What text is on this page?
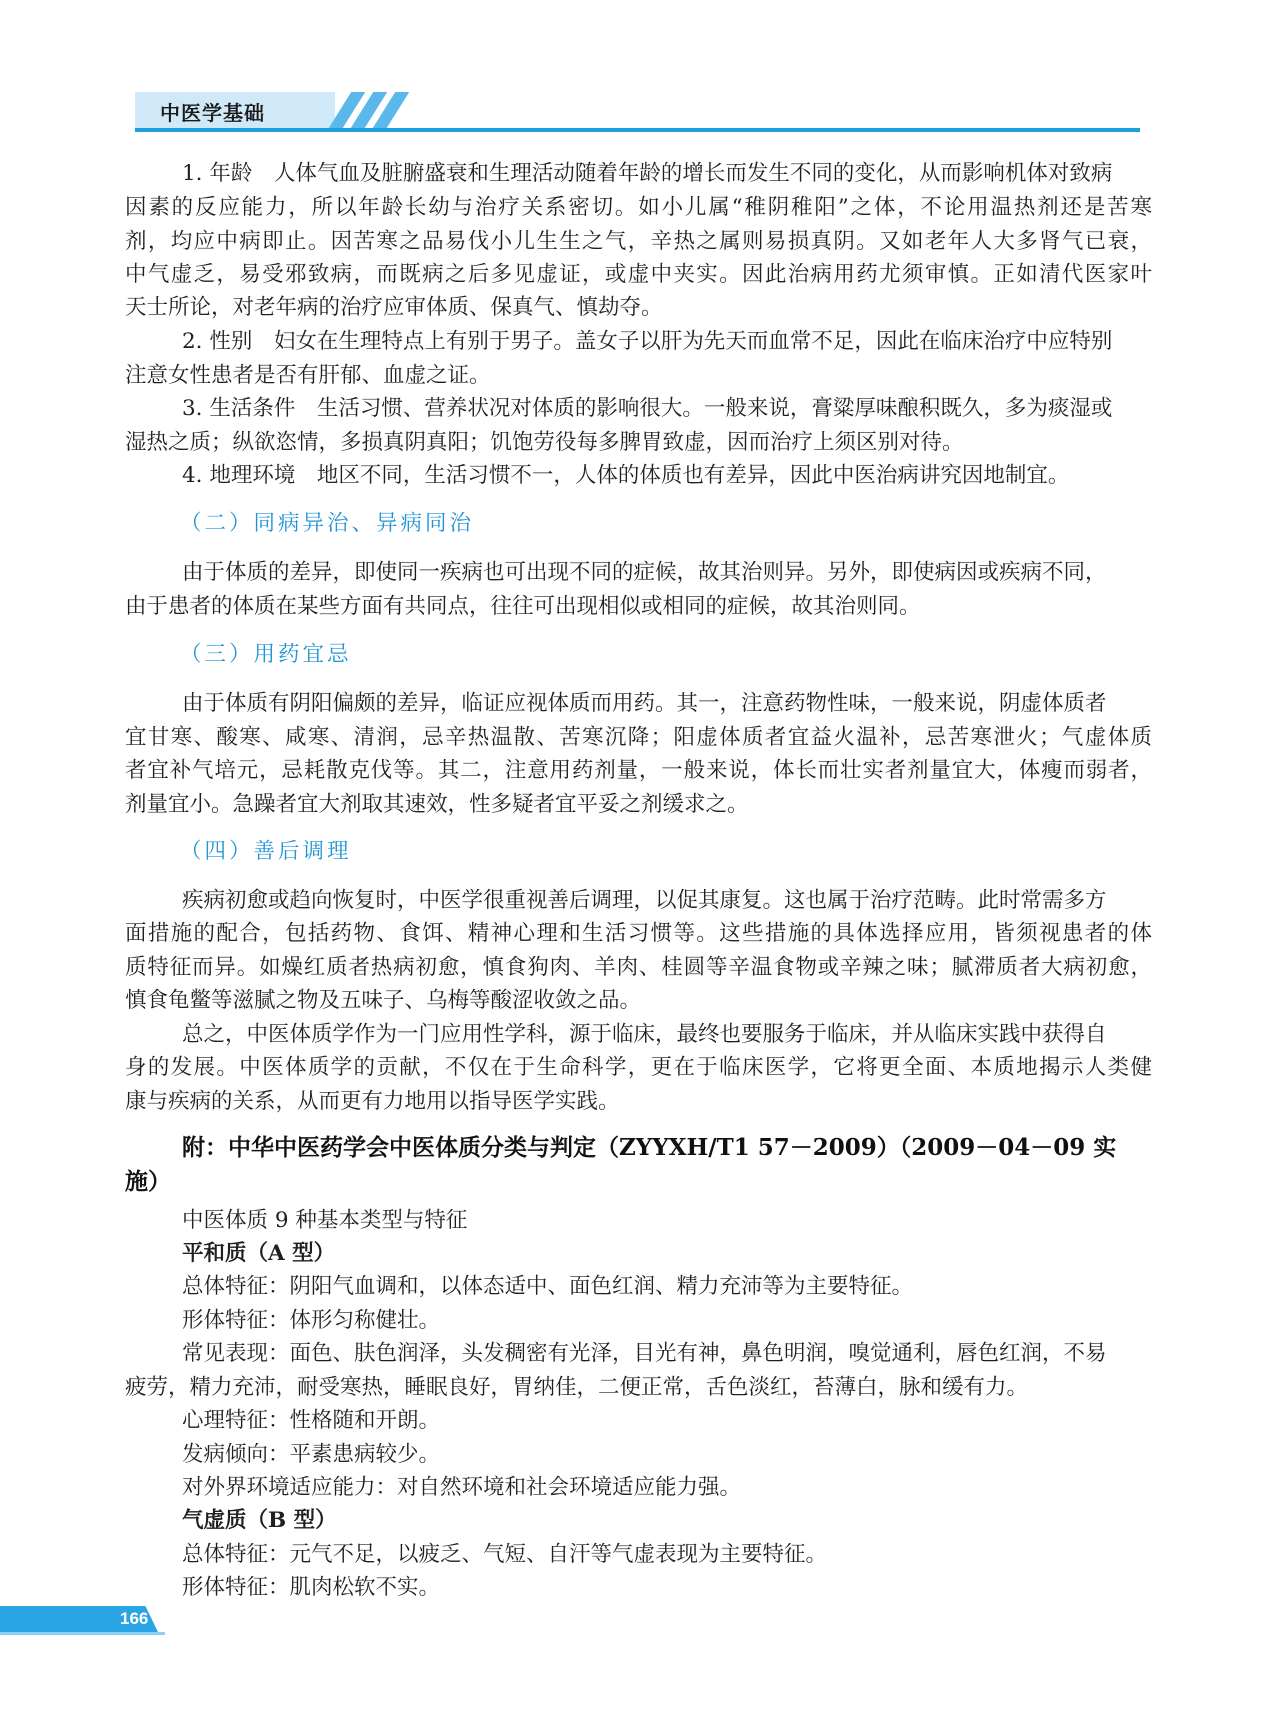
中医学基础
1. 年龄　人体气血及脏腑盛衰和生理活动随着年龄的增长而发生不同的变化，从而影响机体对致病
因素的反应能力，所以年龄长幼与治疗关系密切。如小儿属“稚阴稚阳”之体，不论用温热剂还是苦寒
剂，均应中病即止。因苦寒之品易伐小儿生生之气，辛热之属则易损真阴。又如老年人大多肾气已衰，
中气虚乏，易受邪致病，而既病之后多见虚证，或虚中夹实。因此治病用药尤须审慎。正如清代医家叶
天士所论，对老年病的治疗应审体质、保真气、慎劫夺。
2. 性别　妇女在生理特点上有别于男子。盖女子以肝为先天而血常不足，因此在临床治疗中应特别
注意女性患者是否有肝郁、血虚之证。
3. 生活条件　生活习惯、营养状况对体质的影响很大。一般来说，膏粱厚味酿积既久，多为痰湿或
湿热之质；纵欲恣情，多损真阴真阳；饥饱劳役每多脾胃致虚，因而治疗上须区别对待。
4. 地理环境　地区不同，生活习惯不一，人体的体质也有差异，因此中医治病讲究因地制宜。
（二）同病异治、异病同治
由于体质的差异，即使同一疾病也可出现不同的症候，故其治则异。另外，即使病因或疾病不同，
由于患者的体质在某些方面有共同点，往往可出现相似或相同的症候，故其治则同。
（三）用药宜忌
由于体质有阴阳偏颇的差异，临证应视体质而用药。其一，注意药物性味，一般来说，阴虚体质者
宜甘寒、酸寒、咸寒、清润，忌辛热温散、苦寒沉降；阳虚体质者宜益火温补，忌苦寒泄火；气虚体质
者宜补气培元，忌耗散克伐等。其二，注意用药剂量，一般来说，体长而壮实者剂量宜大，体瘦而弱者，
剂量宜小。急躁者宜大剂取其速效，性多疑者宜平妥之剂缓求之。
（四）善后调理
疾病初愈或趋向恢复时，中医学很重视善后调理，以促其康复。这也属于治疗范畴。此时常需多方
面措施的配合，包括药物、食饵、精神心理和生活习惯等。这些措施的具体选择应用，皆须视患者的体
质特征而异。如燥红质者热病初愈，慎食狗肉、羊肉、桂圆等辛温食物或辛辣之味；腻滞质者大病初愈，
慎食龟鳖等滋腻之物及五味子、乌梅等酸涩收敛之品。
总之，中医体质学作为一门应用性学科，源于临床，最终也要服务于临床，并从临床实践中获得自
身的发展。中医体质学的贡献，不仅在于生命科学，更在于临床医学，它将更全面、本质地揭示人类健
康与疾病的关系，从而更有力地用以指导医学实践。
附：中华中医药学会中医体质分类与判定（ZYYXH/T1 57－2009）（2009－04－09 实
施）
中医体质 9 种基本类型与特征
平和质（A 型）
总体特征：阴阳气血调和，以体态适中、面色红润、精力充沛等为主要特征。
形体特征：体形匀称健壮。
常见表现：面色、肤色润泽，头发稠密有光泽，目光有神，鼻色明润，嗅觉通利，唇色红润，不易
疲劳，精力充沛，耐受寒热，睡眠良好，胃纳佳，二便正常，舌色淡红，苔薄白，脉和缓有力。
心理特征：性格随和开朗。
发病倾向：平素患病较少。
对外界环境适应能力：对自然环境和社会环境适应能力强。
气虚质（B 型）
总体特征：元气不足，以疲乏、气短、自汗等气虚表现为主要特征。
形体特征：肌肉松软不实。
166
